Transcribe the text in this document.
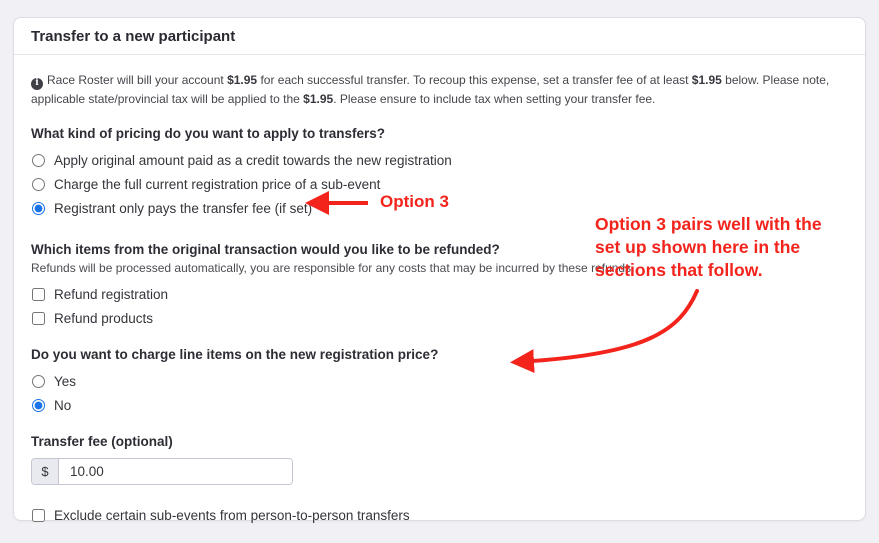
Transfer to a new participant

i Race Roster will bill your account $1.95 for each successful transfer. To recoup this expense, set a transfer fee of at least $1.95 below. Please note, applicable state/provincial tax will be applied to the $1.95. Please ensure to include tax when setting your transfer fee.

What kind of pricing do you want to apply to transfers?
Apply original amount paid as a credit towards the new registration
Charge the full current registration price of a sub-event
Registrant only pays the transfer fee (if set)
Which items from the original transaction would you like to be refunded?
Refunds will be processed automatically, you are responsible for any costs that may be incurred by these refunds.
Refund registration
Refund products
Do you want to charge line items on the new registration price?
Yes
No
Transfer fee (optional)
$
10.00
Exclude certain sub-events from person-to-person transfers
Option 3
Option 3 pairs well with the
set up shown here in the
sections that follow.
